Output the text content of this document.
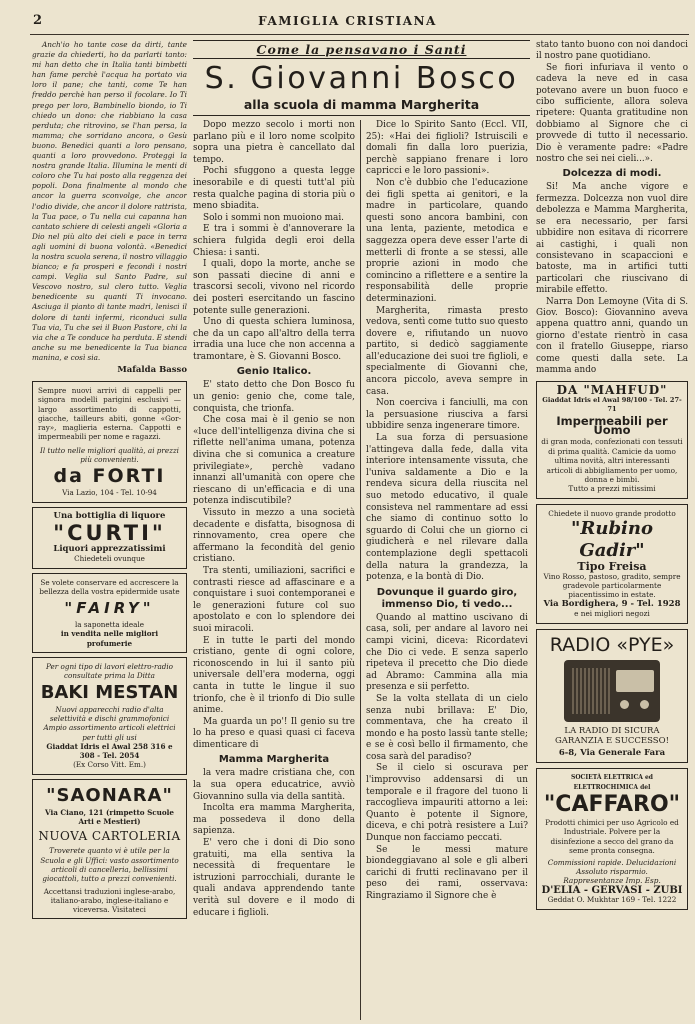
2	FAMIGLIA CRISTIANA

Anch'io ho tante cose da dirti, tante grazie da chiederti, ho da parlarti tanto: mi han detto che in Italia tanti bimbetti han fame perchè l'acqua ha portato via loro il pane; che tanti, come Te han freddo perchè han perso il focolare. Io Ti prego per loro, Bambinello biondo, io Ti chiedo un dono: che riabbiano la casa perduta; che ritrovino, se l'han persa, la mamma; che sorridano ancora, o Gesù buono. Benedici quanti a loro pensano, quanti a loro provvedono. Proteggi la nostra grande Italia. Illumina le menti di coloro che Tu hai posto alla reggenza dei popoli. Dona finalmente al mondo che ancor la guerra sconvolge, che ancor l'odio divide, che ancor il dolore rattrista, la Tua pace, o Tu nella cui capanna han cantato schiere di celesti angeli «Gloria a Dio nel più alto dei cieli e pace in terra agli uomini di buona volontà. «Benedici la nostra scuola serena, il nostro villaggio bianco; e fa prosperi e fecondi i nostri campi. Veglia sul Santo Padre, sul Vescovo nostro, sul clero tutto. Veglia benedicente su quanti Ti invocano. Asciuga il pianto di tante madri, lenisci il dolore di tanti infermi, riconduci sulla Tua via, Tu che sei il Buon Pastore, chi la via che a Te conduce ha perduta. E stendi anche su me benedicente la Tua bianca manina, e così sia.

Mafalda Basso

Sempre nuovi arrivi di cappelli per signora modelli parigini esclusivi — largo assortimento di cappotti, giacche, tailleurs abiti, gonne «Gor-ray», maglieria esterna. Cappotti e impermeabili per nome e ragazzi.

Il tutto nelle migliori qualità, ai prezzi più convenienti.

da FORTI

Via Lazio, 104 - Tel. 10-94

Una bottiglia di liquore

"CURTI"

Liquori apprezzatissimi

Chiedeteli ovunque

Se volete conservare ed accrescere la bellezza della vostra epidermide usate

"FAIRY"

la saponetta ideale

in vendita nelle migliori profumerie

Per ogni tipo di lavori elettro-radio consultate prima la Ditta

BAKI MESTAN

Nuovi apparecchi radio d'alta selettività e dischi grammofonici

Ampio assortimento articoli elettrici per tutti gli usi

Giaddat Idris el Awal 258 316 e 308 - Tel. 2054

(Ex Corso Vitt. Em.)

"SAONARA"

Via Ciano, 121 (rimpetto Scuole Arti e Mestieri)

NUOVA CARTOLERIA

Troverete quanto vi è utile per la Scuola e gli Uffici: vasto assortimento articoli di cancelleria, bellissimi giocattoli, tutto a prezzi convenienti.

Accettansi traduzioni inglese-arabo, italiano-arabo, inglese-italiano e viceversa. Visitateci

Come la pensavano i Santi
S. Giovanni Bosco
alla scuola di mamma Margherita

Dopo mezzo secolo i morti non parlano più e il loro nome scolpito sopra una pietra è cancellato dal tempo.

Pochi sfuggono a questa legge inesorabile e di questi tutt'al più resta qualche pagina di storia più o meno sbiadita.

Solo i sommi non muoiono mai.

E tra i sommi è d'annoverare la schiera fulgida degli eroi della Chiesa: i santi.

I quali, dopo la morte, anche se son passati diecine di anni e trascorsi secoli, vivono nel ricordo dei posteri esercitando un fascino potente sulle generazioni.

Uno di questa schiera luminosa, che da un capo all'altro della terra irradia una luce che non accenna a tramontare, è S. Giovanni Bosco.

Genio Italico.

E' stato detto che Don Bosco fu un genio: genio che, come tale, conquista, che trionfa.

Che cosa mai è il genio se non «luce dell'intelligenza divina che si riflette nell'anima umana, potenza divina che si comunica a creature privilegiate», perchè vadano innanzi all'umanità con opere che riescano di un'efficacia e di una potenza indiscutibile?

Vissuto in mezzo a una società decadente e disfatta, bisognosa di rinnovamento, crea opere che affermano la fecondità del genio cristiano.

Tra stenti, umiliazioni, sacrifici e contrasti riesce ad affascinare e a conquistare i suoi contemporanei e le generazioni future col suo apostolato e con lo splendore dei suoi miracoli.

E in tutte le parti del mondo cristiano, gente di ogni colore, riconoscendo in lui il santo più universale dell'era moderna, oggi canta in tutte le lingue il suo trionfo, che è il trionfo di Dio sulle anime.

Ma guarda un po'! Il genio su tre lo ha preso e quasi quasi ci faceva dimenticare di

Mamma Margherita

la vera madre cristiana che, con la sua opera educatrice, avviò Giovannino sulla via della santità.

Incolta era mamma Margherita, ma possedeva il dono della sapienza.

E' vero che i doni di Dio sono gratuiti, ma ella sentiva la necessità di frequentare le istruzioni parrocchiali, durante le quali andava apprendendo tante verità sul dovere e il modo di educare i figlioli.

Dice lo Spirito Santo (Eccl. VII, 25): «Hai dei figlioli? Istruiscili e domali fin dalla loro puerizia, perchè sappiano frenare i loro capricci e le loro passioni».

Non c'è dubbio che l'educazione dei figli spetta ai genitori, e la madre in particolare, quando questi sono ancora bambini, con una lenta, paziente, metodica e saggezza opera deve esser l'arte di metterli di fronte a se stessi, alle proprie azioni in modo che comincino a riflettere e a sentire la responsabilità delle proprie determinazioni.

Margherita, rimasta presto vedova, sentì come tutto suo questo dovere e, rifiutando un nuovo partito, si dedicò saggiamente all'educazione dei suoi tre figlioli, e specialmente di Giovanni che, ancora piccolo, aveva sempre in casa.

Non coerciva i fanciulli, ma con la persuasione riusciva a farsi ubbidire senza ingenerare timore.

La sua forza di persuasione l'attingeva dalla fede, dalla vita interiore intensamente vissuta, che l'univa saldamente a Dio e la rendeva sicura della riuscita nel suo metodo educativo, il quale consisteva nel rammentare ad essi che siamo di continuo sotto lo sguardo di Colui che un giorno ci giudicherà e nel rilevare dalla contemplazione degli spettacoli della natura la grandezza, la potenza, e la bontà di Dio.

Dovunque il guardo giro, immenso Dio, ti vedo...

Quando al mattino uscivano di casa, soli, per andare al lavoro nei campi vicini, diceva: Ricordatevi che Dio ci vede. E senza saperlo ripeteva il precetto che Dio diede ad Abramo: Cammina alla mia presenza e sii perfetto.

Se la volta stellata di un cielo senza nubi brillava: E' Dio, commentava, che ha creato il mondo e ha posto lassù tante stelle; e se è così bello il firmamento, che cosa sarà del paradiso?

Se il cielo si oscurava per l'improvviso addensarsi di un temporale e il fragore del tuono li raccoglieva impauriti attorno a lei: Quanto è potente il Signore, diceva, e chi potrà resistere a Lui? Dunque non facciamo peccati.

Se le messi mature biondeggiavano al sole e gli alberi carichi di frutti reclinavano per il peso dei rami, osservava: Ringraziamo il Signore che è

stato tanto buono con noi dandoci il nostro pane quotidiano.

Se fiori infuriava il vento o cadeva la neve ed in casa potevano avere un buon fuoco e cibo sufficiente, allora soleva ripetere: Quanta gratitudine non dobbiamo al Signore che ci provvede di tutto il necessario. Dio è veramente padre: «Padre nostro che sei nei cieli...».

Dolcezza di modi.

Si! Ma anche vigore e fermezza. Dolcezza non vuol dire debolezza e Mamma Margherita, se era necessario, per farsi ubbidire non esitava di ricorrere ai castighi, i quali non consistevano in scapaccioni e batoste, ma in artifici tutti particolari che riuscivano di mirabile effetto.

Narra Don Lemoyne (Vita di S. Giov. Bosco): Giovannino aveva appena quattro anni, quando un giorno d'estate rientrò in casa con il fratello Giuseppe, riarso come questi dalla sete. La mamma ando

DA "MAHFUD"

Giaddat Idris el Awal 98/100 - Tel. 27-71

Impermeabili per Uomo

di gran moda, confezionati con tessuti di prima qualità. Camicie da uomo ultima novità, altri interessanti articoli di abbigliamento per uomo, donna e bimbi.

Tutto a prezzi mitissimi

Chiedete il nuovo grande prodotto

"Rubino Gadir"

Tipo Freisa

Vino Rosso, pastoso, gradito, sempre gradevole particolarmente piacentissimo in estate.

Via Bordighera, 9 - Tel. 1928

e nei migliori negozi

RADIO «PYE»

LA RADIO DI SICURA GARANZIA E SUCCESSO!

6-8, Via Generale Fara

SOCIETÀ ELETTRICA ed ELETTROCHIMICA del

"CAFFARO"

Prodotti chimici per uso Agricolo ed Industriale. Polvere per la disinfezione a secco del grano da seme pronta consegna.

Commissioni rapide. Delucidazioni Assoluto risparmio.

Rappresentanze Imp. Esp.

D'ELIA - GERVASI - ZUBI

Geddat O. Mukhtar 169 - Tel. 1222
